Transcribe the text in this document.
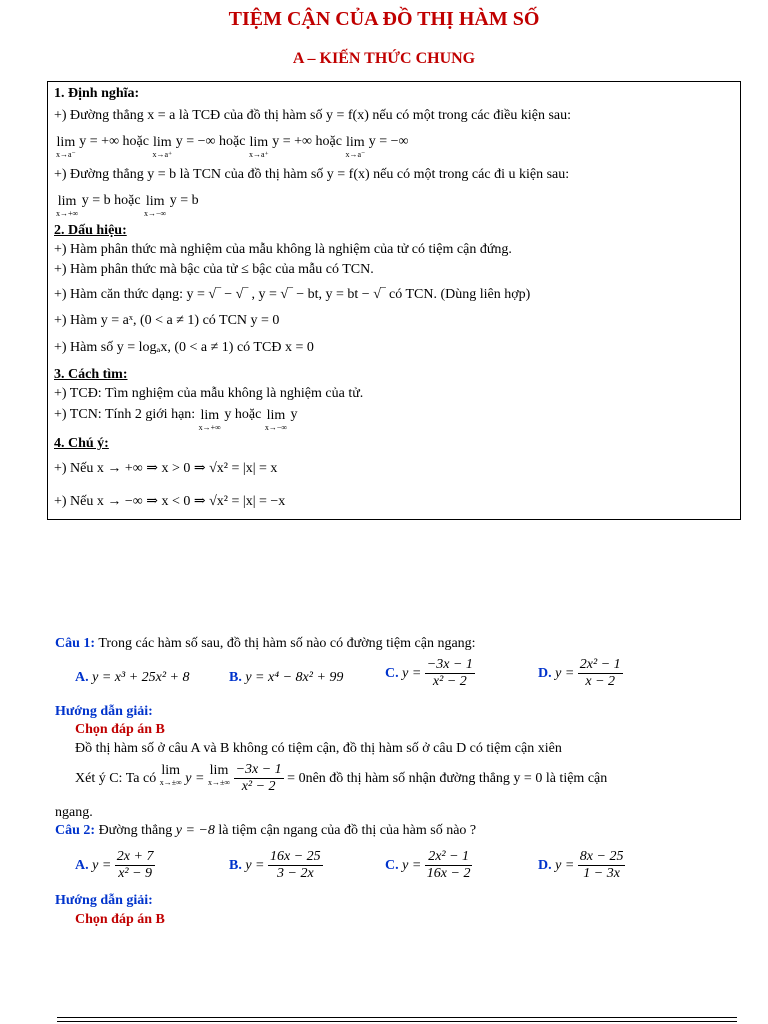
TIỆM CẬN CỦA ĐỒ THỊ HÀM SỐ
A – KIẾN THỨC CHUNG
1. Định nghĩa:
+) Đường thẳng x = a là TCĐ của đồ thị hàm số y = f(x) nếu có một trong các điều kiện sau:
lim
x→a⁻
y = +∞ hoặc lim
x→a⁺
y = −∞ hoặc lim
x→a⁺
y = +∞ hoặc lim
x→a⁻
y = −∞
+) Đường thẳng y = b là TCN của đồ thị hàm số y = f(x) nếu có một trong các đi u kiện sau:
lim
x→+∞
y = b hoặc lim
x→−∞
y = b
2. Dấu hiệu:
+) Hàm phân thức mà nghiệm của mẫu không là nghiệm của tử có tiệm cận đứng.
+) Hàm phân thức mà bậc của tử ≤ bậc của mẫu có TCN.
+) Hàm căn thức dạng: y = √‾ − √‾ , y = √‾ − bt, y = bt − √‾ có TCN. (Dùng liên hợp)
+) Hàm y = aˣ, (0 < a ≠ 1) có TCN y = 0
+) Hàm số y = logₐx, (0 < a ≠ 1) có TCĐ x = 0
3. Cách tìm:
+) TCĐ: Tìm nghiệm của mẫu không là nghiệm của tử.
+) TCN: Tính 2 giới hạn: lim
x→+∞
y hoặc lim
x→−∞
y
4. Chú ý:
+) Nếu x → +∞ ⇒ x > 0 ⇒ √x² = |x| = x
+) Nếu x → −∞ ⇒ x < 0 ⇒ √x² = |x| = −x
Câu 1: Trong các hàm số sau, đồ thị hàm số nào có đường tiệm cận ngang:
A. y = x³ + 25x² + 8	B. y = x⁴ − 8x² + 99	C. $y = \frac{-3x - 1}{\text{x² − 2}}$	D. $y = \frac{\text{2x² − 1}}{x - 2}$
Hướng dẫn giải:
Chọn đáp án B
Đồ thị hàm số ở câu A và B không có tiệm cận, đồ thị hàm số ở câu D có tiệm cận xiên
Xét ý C: Ta có lim
x→±∞ y = lim
x→±∞
$\frac{-3x - 1}{\text{x² − 2}}$ = 0nên đồ thị hàm số nhận đường thẳng y = 0 là tiệm cận
ngang.
Câu 2: Đường thẳng y = −8 là tiệm cận ngang của đồ thị của hàm số nào ?
A. $y = \frac{2x + 7}{\text{x² − 9}}$	B. $y = \frac{16x - 25}{3 - 2x}$	C. $y = \frac{\text{2x² − 1}}{16x - 2}$	D. $y = \frac{8x - 25}{1 - 3x}$
Hướng dẫn giải:
Chọn đáp án B
